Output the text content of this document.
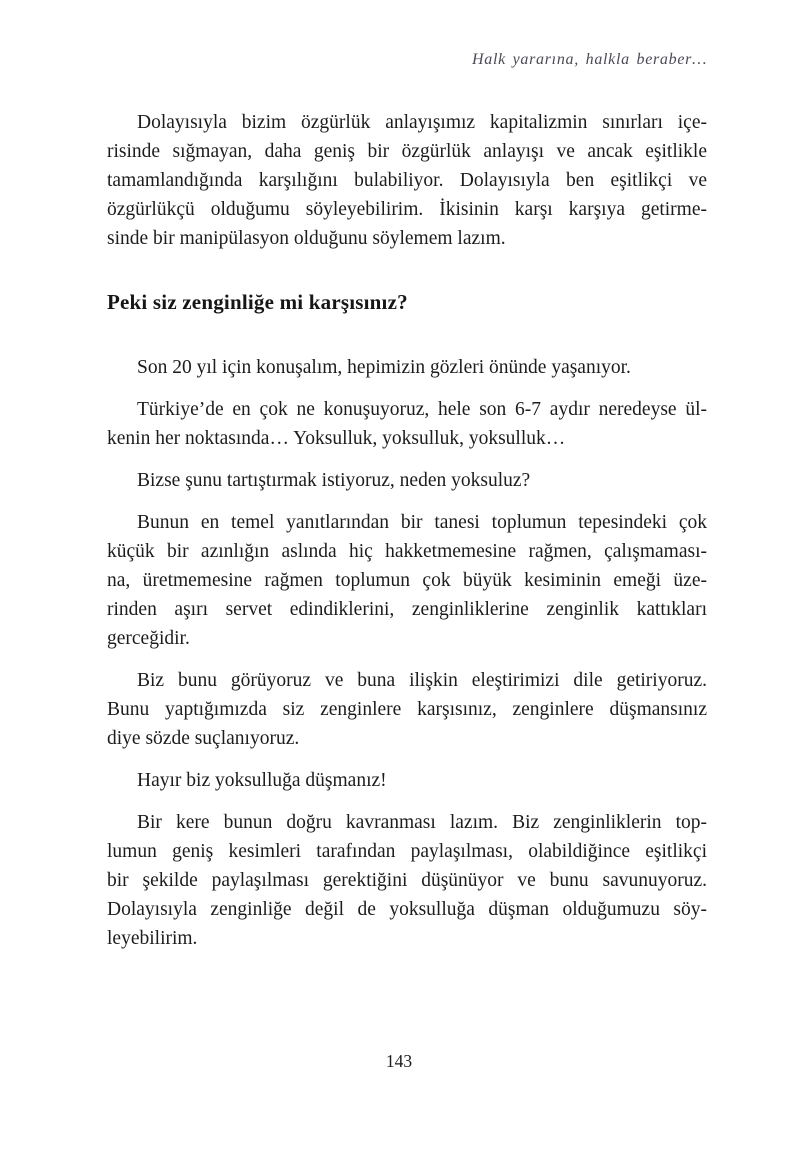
Halk yararına, halkla beraber…

Dolayısıyla bizim özgürlük anlayışımız kapitalizmin sınırları içe-
risinde sığmayan, daha geniş bir özgürlük anlayışı ve ancak eşitlikle
tamamlandığında karşılığını bulabiliyor. Dolayısıyla ben eşitlikçi ve
özgürlükçü olduğumu söyleyebilirim. İkisinin karşı karşıya getirme-
sinde bir manipülasyon olduğunu söylemem lazım.

Peki siz zenginliğe mi karşısınız?

Son 20 yıl için konuşalım, hepimizin gözleri önünde yaşanıyor.

Türkiye’de en çok ne konuşuyoruz, hele son 6-7 aydır neredeyse ül-
kenin her noktasında… Yoksulluk, yoksulluk, yoksulluk…

Bizse şunu tartıştırmak istiyoruz, neden yoksuluz?

Bunun en temel yanıtlarından bir tanesi toplumun tepesindeki çok
küçük bir azınlığın aslında hiç hakketmemesine rağmen, çalışmaması-
na, üretmemesine rağmen toplumun çok büyük kesiminin emeği üze-
rinden aşırı servet edindiklerini, zenginliklerine zenginlik kattıkları
gerceğidir.

Biz bunu görüyoruz ve buna ilişkin eleştirimizi dile getiriyoruz.
Bunu yaptığımızda siz zenginlere karşısınız, zenginlere düşmansınız
diye sözde suçlanıyoruz.

Hayır biz yoksulluğa düşmanız!

Bir kere bunun doğru kavranması lazım. Biz zenginliklerin top-
lumun geniş kesimleri tarafından paylaşılması, olabildiğince eşitlikçi
bir şekilde paylaşılması gerektiğini düşünüyor ve bunu savunuyoruz.
Dolayısıyla zenginliğe değil de yoksulluğa düşman olduğumuzu söy-
leyebilirim.

143
